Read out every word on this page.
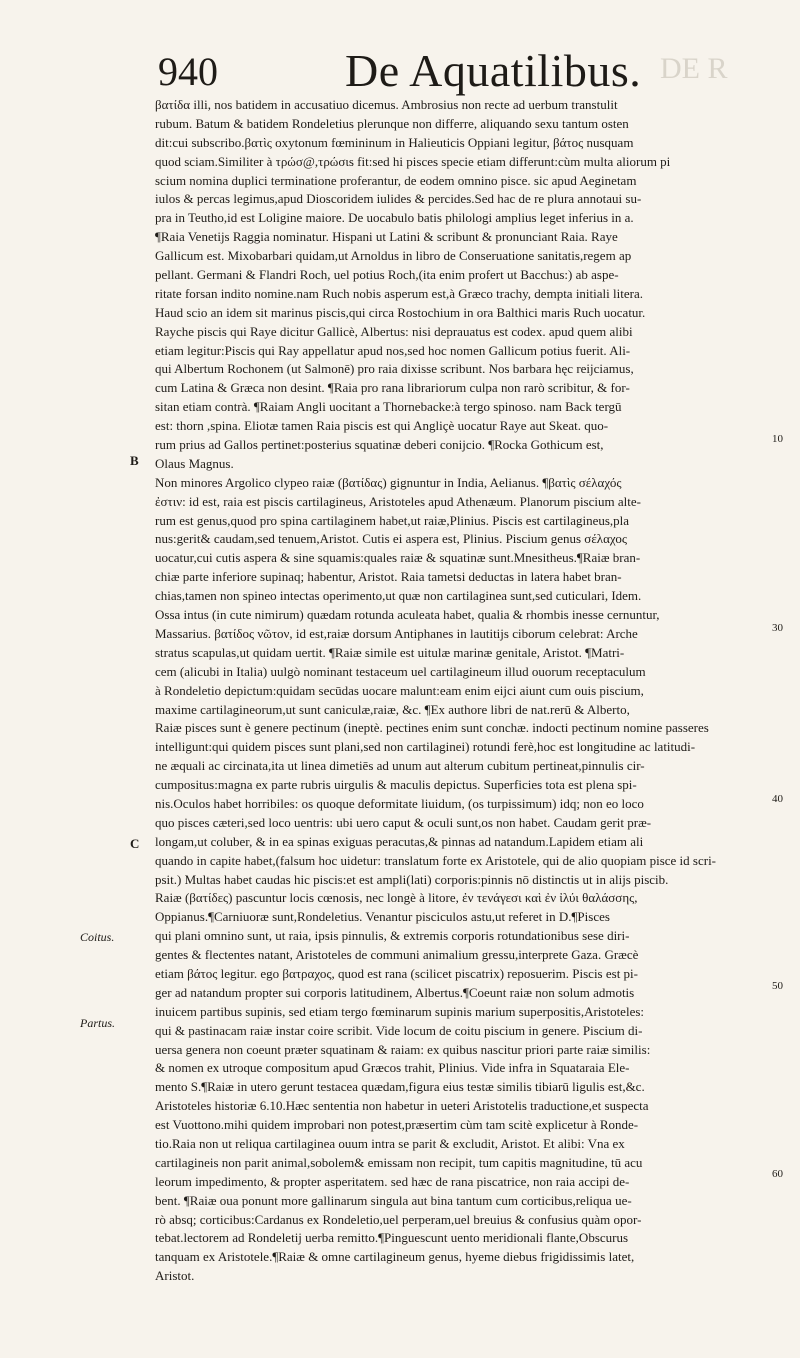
940	De Aquatilibus. DE R
B
C
Coitus.
Partus.
10
30
40
50
60
βατίδα illi, nos batidem in accusatiuo dicemus. Ambrosius non recte ad uerbum transtulit
rubum. Batum & batidem Rondeletius plerunque non differre, aliquando sexu tantum osten
dit:cui subscribo.βατὶς oxytonum fœmininum in Halieuticis Oppiani legitur, βάτος nusquam
quod sciam.Similiter à τρώσ@,τρώσιs fit:sed hi pisces specie etiam differunt:cùm multa aliorum pi
scium nomina duplici terminatione proferantur, de eodem omnino pisce. sic apud Aeginetam
iulos & percas legimus,apud Dioscoridem iulides & percides.Sed hac de re plura annotaui su-
pra in Teutho,id est Loligine maiore. De uocabulo batis philologi amplius leget inferius in a.
¶Raia Venetijs Raggia nominatur. Hispani ut Latini & scribunt & pronunciant Raia. Raye
Gallicum est. Mixobarbari quidam,ut Arnoldus in libro de Conseruatione sanitatis,regem ap
pellant. Germani & Flandri Roch, uel potius Roch,(ita enim profert ut Bacchus:) ab aspe-
ritate forsan indito nomine.nam Ruch nobis asperum est,à Græco trachy, dempta initiali litera.
Haud scio an idem sit marinus piscis,qui circa Rostochium in ora Balthici maris Ruch uocatur.
Rayche piscis qui Raye dicitur Gallicè, Albertus: nisi deprauatus est codex. apud quem alibi
etiam legitur:Piscis qui Ray appellatur apud nos,sed hoc nomen Gallicum potius fuerit. Ali-
qui Albertum Rochonem (ut Salmonē) pro raia dixisse scribunt. Nos barbara hęc reijciamus,
cum Latina & Græca non desint. ¶Raia pro rana librariorum culpa non rarò scribitur, & for-
sitan etiam contrà. ¶Raiam Angli uocitant a Thornebacke:à tergo spinoso. nam Back tergū
est: thorn ,spina. Eliotæ tamen Raia piscis est qui Angliçè uocatur Raye aut Skeat. quo-
rum prius ad Gallos pertinet:posterius squatinæ deberi conijcio. ¶Rocka Gothicum est,
Olaus Magnus.
Non minores Argolico clypeo raiæ (βατίδας) gignuntur in India, Aelianus. ¶βατὶς σέλαχός
ἐστιν: id est, raia est piscis cartilagineus, Aristoteles apud Athenæum. Planorum piscium alte-
rum est genus,quod pro spina cartilaginem habet,ut raiæ,Plinius. Piscis est cartilagineus,pla
nus:gerit& caudam,sed tenuem,Aristot. Cutis ei aspera est, Plinius. Piscium genus σέλαχος
uocatur,cui cutis aspera & sine squamis:quales raiæ & squatinæ sunt.Mnesitheus.¶Raiæ bran-
chiæ parte inferiore supinaq; habentur, Aristot. Raia tametsi deductas in latera habet bran-
chias,tamen non spineo intectas operimento,ut quæ non cartilaginea sunt,sed cuticulari, Idem.
Ossa intus (in cute nimirum) quædam rotunda aculeata habet, qualia & rhombis inesse cernuntur,
Massarius. βατίδος νῶτον, id est,raiæ dorsum Antiphanes in lautitijs ciborum celebrat: Arche
stratus scapulas,ut quidam uertit. ¶Raiæ simile est uitulæ marinæ genitale, Aristot. ¶Matri-
cem (alicubi in Italia) uulgò nominant testaceum uel cartilagineum illud ouorum receptaculum
à Rondeletio depictum:quidam secūdas uocare malunt:eam enim eijci aiunt cum ouis piscium,
maxime cartilagineorum,ut sunt caniculæ,raiæ, &c. ¶Ex authore libri de nat.rerū & Alberto,
Raiæ pisces sunt è genere pectinum (ineptè. pectines enim sunt conchæ. indocti pectinum nomine passeres
intelligunt:qui quidem pisces sunt plani,sed non cartilaginei) rotundi ferè,hoc est longitudine ac latitudi-
ne æquali ac circinata,ita ut linea dimetiēs ad unum aut alterum cubitum pertineat,pinnulis cir-
cumpositus:magna ex parte rubris uirgulis & maculis depictus. Superficies tota est plena spi-
nis.Oculos habet horribiles: os quoque deformitate liuidum, (os turpissimum) idq; non eo loco
quo pisces cæteri,sed loco uentris: ubi uero caput & oculi sunt,os non habet. Caudam gerit præ-
longam,ut coluber, & in ea spinas exiguas peracutas,& pinnas ad natandum.Lapidem etiam ali
quando in capite habet,(falsum hoc uidetur: translatum forte ex Aristotele, qui de alio quopiam pisce id scri-
psit.) Multas habet caudas hic piscis:et est ampli(lati) corporis:pinnis nō distinctis ut in alijs piscib.
Raiæ (βατίδες) pascuntur locis cœnosis, nec longè à litore, ἐν τενάγεσι καὶ ἐν ἰλύι θαλάσσης,
Oppianus.¶Carniuoræ sunt,Rondeletius. Venantur pisciculos astu,ut referet in D.¶Pisces
qui plani omnino sunt, ut raia, ipsis pinnulis, & extremis corporis rotundationibus sese diri-
gentes & flectentes natant, Aristoteles de communi animalium gressu,interprete Gaza. Græcè
etiam βάτος legitur. ego βατραχος, quod est rana (scilicet piscatrix) reposuerim. Piscis est pi-
ger ad natandum propter sui corporis latitudinem, Albertus.¶Coeunt raiæ non solum admotis
inuicem partibus supinis, sed etiam tergo fœminarum supinis marium superpositis,Aristoteles:
qui & pastinacam raiæ instar coire scribit. Vide locum de coitu piscium in genere. Piscium di-
uersa genera non coeunt præter squatinam & raiam: ex quibus nascitur priori parte raiæ similis:
& nomen ex utroque compositum apud Græcos trahit, Plinius. Vide infra in Squataraia Ele-
mento S.¶Raiæ in utero gerunt testacea quædam,figura eius testæ similis tibiarū ligulis est,&c.
Aristoteles historiæ 6.10.Hæc sententia non habetur in ueteri Aristotelis traductione,et suspecta
est Vuottono.mihi quidem improbari non potest,præsertim cùm tam scitè explicetur à Ronde-
tio.Raia non ut reliqua cartilaginea ouum intra se parit & excludit, Aristot. Et alibi: Vna ex
cartilagineis non parit animal,sobolem& emissam non recipit, tum capitis magnitudine, tū acu
leorum impedimento, & propter asperitatem. sed hæc de rana piscatrice, non raia accipi de-
bent. ¶Raiæ oua ponunt more gallinarum singula aut bina tantum cum corticibus,reliqua ue-
rò absq; corticibus:Cardanus ex Rondeletio,uel perperam,uel breuius & confusius quàm opor-
tebat.lectorem ad Rondeletij uerba remitto.¶Pinguescunt uento meridionali flante,Obscurus
tanquam ex Aristotele.¶Raiæ & omne cartilagineum genus, hyeme diebus frigidissimis latet,
Aristot.
